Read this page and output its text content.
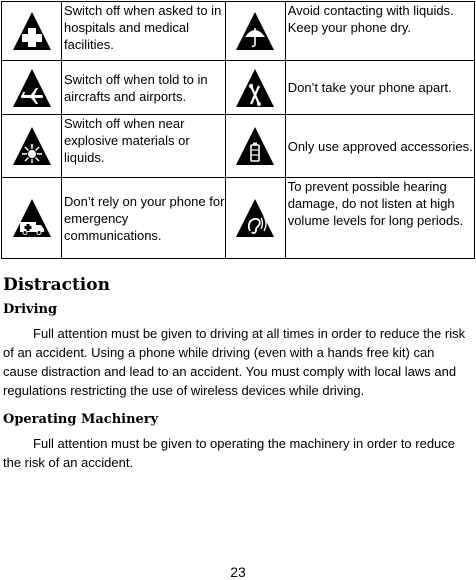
	Switch off when asked to in hospitals and medical facilities.		Avoid contacting with liquids. Keep your phone dry.

	Switch off when told to in aircrafts and airports.		Don’t take your phone apart.

	Switch off when near explosive materials or liquids.		Only use approved accessories.

	Don’t rely on your phone for emergency communications.		To prevent possible hearing damage, do not listen at high volume levels for long periods.
Distraction
Driving
Full attention must be given to driving at all times in order to reduce the risk of an accident. Using a phone while driving (even with a hands free kit) can cause distraction and lead to an accident. You must comply with local laws and regulations restricting the use of wireless devices while driving.
Operating Machinery
Full attention must be given to operating the machinery in order to reduce the risk of an accident.
23
